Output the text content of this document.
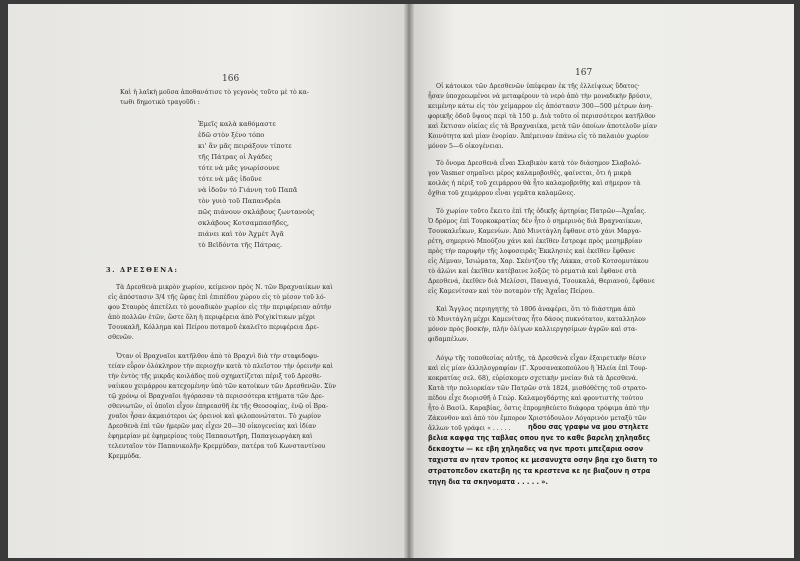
166
Καὶ ἡ λαϊκὴ μοῦσα ἀποθανάτισε τὸ γεγονὸς τοῦτο μὲ τὸ κα-
τωθι δημοτικὸ τραγοῦδι :
Ἐμεῖς καλὰ καθόμαστε
ἐδῶ στὸν ξένο τόπο
κι' ἂν μᾶς πειράξουν τίποτε
τῆς Πάτρας οἱ Ἀγάδες
τότε νὰ μᾶς γνωρίσουνε
τότε νὰ μᾶς ἰδοῦνε
νὰ ἰδοῦν τὸ Γιάννη τοῦ Παπᾶ
τὸν γυιὸ τοῦ Παπανδρέα
πῶς πιάνουν σκλάβους ζωντανοὺς
σκλάβους Κοτσαμπασῆδες,
πιάνει καὶ τὸν Ἀχμὲτ Ἀγᾶ
τὸ Βεϊδόντα τῆς Πάτρας.
3. ΔΡΕΣΘΕΝΑ:
Τὰ Δρεσθενὰ μικρὸν χωρίον, κείμενον πρὸς Ν. τῶν Βραχναιίκων καὶ
εἰς ἀπόστασιν 3/4 τῆς ὥρας ἐπὶ ἐπιπέδου χώρου εἰς τὸ μέσον τοῦ λό-
φου Σταυρὸς ἀπετέλει τὸ μοναδικὸν χωρίον εἰς τὴν περιφέρειαν αὐτὴν
ἀπὸ πολλῶν ἐτῶν, ὥστε ὅλη ἡ περιφέρεια ἀπὸ Ρο(γ)κίτικων μέχρι
Τσουκαλῆ, Κόλλημα καὶ Πείρου ποταμοῦ ἐκαλεῖτο περιφέρεια Δρε-
σθενῶν.
Ὅταν οἱ Βραχναῖοι κατῆλθον ἀπὸ τὸ Βραχνὶ διὰ τὴν σταφιδοφυ-
τείαν εὗρον ὀλόκληρον τὴν περιοχὴν κατὰ τὸ πλεῖστον τὴν ὀρεινὴν καὶ
τὴν ἐντὸς τῆς μικρᾶς κοιλάδος ποὺ σχηματίζεται πέριξ τοῦ Δρεσθε-
ναίικου χειμάρρου κατεχομένην ὑπὸ τῶν κατοίκων τῶν Δρεσθενῶν. Σὺν
τῷ χρόνῳ οἱ Βραχναῖοι ἠγόρασαν τὰ περισσότερα κτήματα τῶν Δρε-
σθενιωτῶν, οἱ ὁποῖοι εἶχον ἐπηρεασθῆ ἐκ τῆς Θεοσοφίας, ἐνῷ οἱ Βρα-
χναῖοι ἦσαν ἀκμαιότεροι ὡς ὀρεινοὶ καὶ φιλοπονώτατοι. Τὸ χωρίον
Δρεσθενὰ ἐπὶ τῶν ἡμερῶν μας εἶχεν 20—30 οἰκογενείας καὶ ἰδίαν
ἐφημερίαν μὲ ἐφημερίους τοὺς Παπασωτῆρη, Παπαγεωργάκη καὶ
τελευταῖον τὸν Παπανικολῆν Κρεμμύδαν, πατέρα τοῦ Κωνσταντίνου
Κρεμμύδα.
167
Οἱ κάτοικοι τῶν Δρεσθενῶν ὑπέφεραν ἐκ τῆς ἐλλείψεως ὕδατος·
ἦσαν ὑποχρεωμένοι νὰ μεταφέρουν τὸ νερὸ ἀπὸ τὴν μοναδικὴν βρύσιν,
κειμένην κάτω εἰς τὸν χείμαρρον εἰς ἀπόστασιν 300—500 μέτρων ἀνη-
φορικῆς ὁδοῦ ὕψους περὶ τὰ 150 μ. Διὰ τοῦτο οἱ περισσότεροι κατῆλθον
καὶ ἔκτισαν οἰκίας εἰς τὰ Βραχναιίκα, μετὰ τῶν ὁποίων ἀποτελοῦν μίαν
Κοινότητα καὶ μίαν ἐνορίαν. Ἀπέμειναν ἐπάνω εἰς τὸ παλαιὸν χωρίον
μόνον 5—6 οἰκογένειαι.
Τὸ ὄνομα Δρεσθενὰ εἶναι Σλαβικὸν κατὰ τὸν διάσημον Σλαβολό-
γον Vasmer σημαῖνει μέρος καλαμοβοιθές, φαίνεται, ὅτι ἡ μικρὰ
κοιλὰς ἡ πέριξ τοῦ χειμάρρου θὰ ἦτο καλαμοβριθὴς καὶ σήμερον τὰ
ὄχθια τοῦ χειμάρρου εἶναι γεμᾶτα καλαμῶνες.
Τὸ χωρίον τοῦτο ἔκειτο ἐπὶ τῆς ὁδικῆς ἀρτηρίας Πατρῶν—Ἀχαΐας.
Ὁ δρόμος ἐπὶ Τουρκοκρατίας δὲν ἦτο ὁ σημερινὸς διὰ Βραχναιίκων,
Τσουκαλεΐκων, Καμενίων. Ἀπὸ Μινιτάγλη ἔφθανε στὸ χάνι Μαργα-
ρέτη, σημερινὸ Μπούζου χάνι καὶ ἐκεῖθεν ἔστρεφε πρὸς μεσημβρίαν
πρὸς τὴν παρυφὴν τῆς λοφοσειρᾶς Ἐκκλησιὲς καὶ ἐκεῖθεν ἔφθανε
εἰς Λίμναν, Ἰσιώματα, Χαρ. Σκέντζου τῆς Λάκκα, στοῦ Κοτσομυτάκου
τὸ ἀλώνι καὶ ἐκεῖθεν κατέβαινε λοξῶς τὸ ρεματιὰ καὶ ἔφθανε στὰ
Δρεσθενά, ἐκεῖθεν διὰ Μελίσσι, Παναγιά, Τσουκαλά, Θεριανού, ἔφθανε
εἰς Καμενίτσαν καὶ τὸν ποταμὸν τῆς Ἀχαΐας Πείρου.
Καὶ Ἄγγλος περιηγητὴς τὸ 1806 ἀναφέρει, ὅτι τὸ διάστημα ἀπὸ
τὸ Μινιτάγλη μέχρι Καμενίτσας ἦτο δάσος πυκνότατον, καταλληλον
μόνον πρὸς βοσκήν, πλὴν ὀλίγων καλλιεργησίμων ἀγρῶν καὶ στα-
φιδαμπέλων.
Λόγῳ τῆς τοποθεσίας αὐτῆς, τὰ Δρεσθενὰ εἶχαν ἐξαιρετικὴν θέσιν
καὶ εἰς μίαν ἀλληλογραφίαν (Γ. Χρυσανακοπούλου ἢ Ἠλεία ἐπὶ Τουρ-
κοκρατίας σελ. 68), εὑρίσκομεν σχετικὴν μνείαν διὰ τὰ Δρεσθενά.
Κατὰ τὴν πολιορκίαν τῶν Πατρῶν στὰ 1824, μισθόθέτης τοῦ στρατο-
πέδου εἶχε διορισθῆ ὁ Γεώρ. Καλαμογδάρτης καὶ φροντιστὴς τούτου
ἦτο ὁ Βασίλ. Καραβίας, ὅστις ἐπρομηθεύετο διάφορα τρόφιμα ἀπὸ τὴν
Ζάκυνθον καὶ ἀπὸ τὸν ἔμπορον Χριστόδουλον Λόγαρινὸν μεταξὺ τῶν
ἄλλων τοῦ γράφει « . . . . .	ηδου σας γραφω να μου στηλετε
βελια καφφα της ταβλας οπου ηνε το καθε βαρελη χηληαδες
δεκαοχτω — κε εβη χηληαδες να ηνε προτι μπεζαρια οσον
ταχιστα αν ηταν τροπος κε μεσανυχτα οσην βηα εχο διατη το
στρατοπεδον εκατεβη ης τα κρεστενα κε ηε βιαζουν η στρα
τηγη δια τα σκηνοματα . . . . . ».
